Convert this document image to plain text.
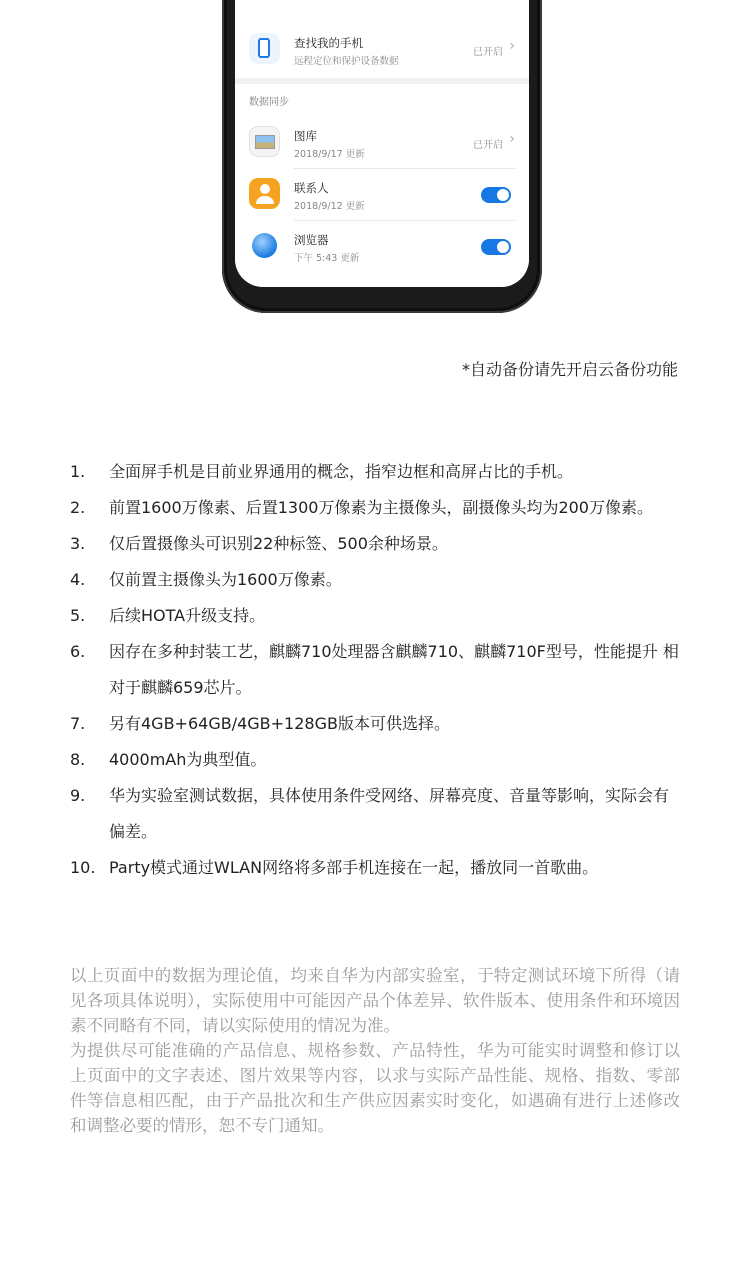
查找我的手机
远程定位和保护设备数据
已开启 ›
数据同步
图库
2018/9/17 更新
已开启 ›
联系人
2018/9/12 更新
浏览器
下午 5:43 更新
*自动备份请先开启云备份功能
1. 全面屏手机是目前业界通用的概念，指窄边框和高屏占比的手机。
2. 前置1600万像素、后置1300万像素为主摄像头，副摄像头均为200万像素。
3. 仅后置摄像头可识别22种标签、500余种场景。
4. 仅前置主摄像头为1600万像素。
5. 后续HOTA升级支持。
6. 因存在多种封装工艺，麒麟710处理器含麒麟710、麒麟710F型号，性能提升 相对于麒麟659芯片。
7. 另有4GB+64GB/4GB+128GB版本可供选择。
8. 4000mAh为典型值。
9. 华为实验室测试数据，具体使用条件受网络、屏幕亮度、音量等影响，实际会有偏差。
10. Party模式通过WLAN网络将多部手机连接在一起，播放同一首歌曲。

以上页面中的数据为理论值，均来自华为内部实验室，于特定测试环境下所得（请见各项具体说明），实际使用中可能因产品个体差异、软件版本、使用条件和环境因素不同略有不同，请以实际使用的情况为准。

为提供尽可能准确的产品信息、规格参数、产品特性，华为可能实时调整和修订以上页面中的文字表述、图片效果等内容，以求与实际产品性能、规格、指数、零部件等信息相匹配，由于产品批次和生产供应因素实时变化，如遇确有进行上述修改和调整必要的情形，恕不专门通知。
